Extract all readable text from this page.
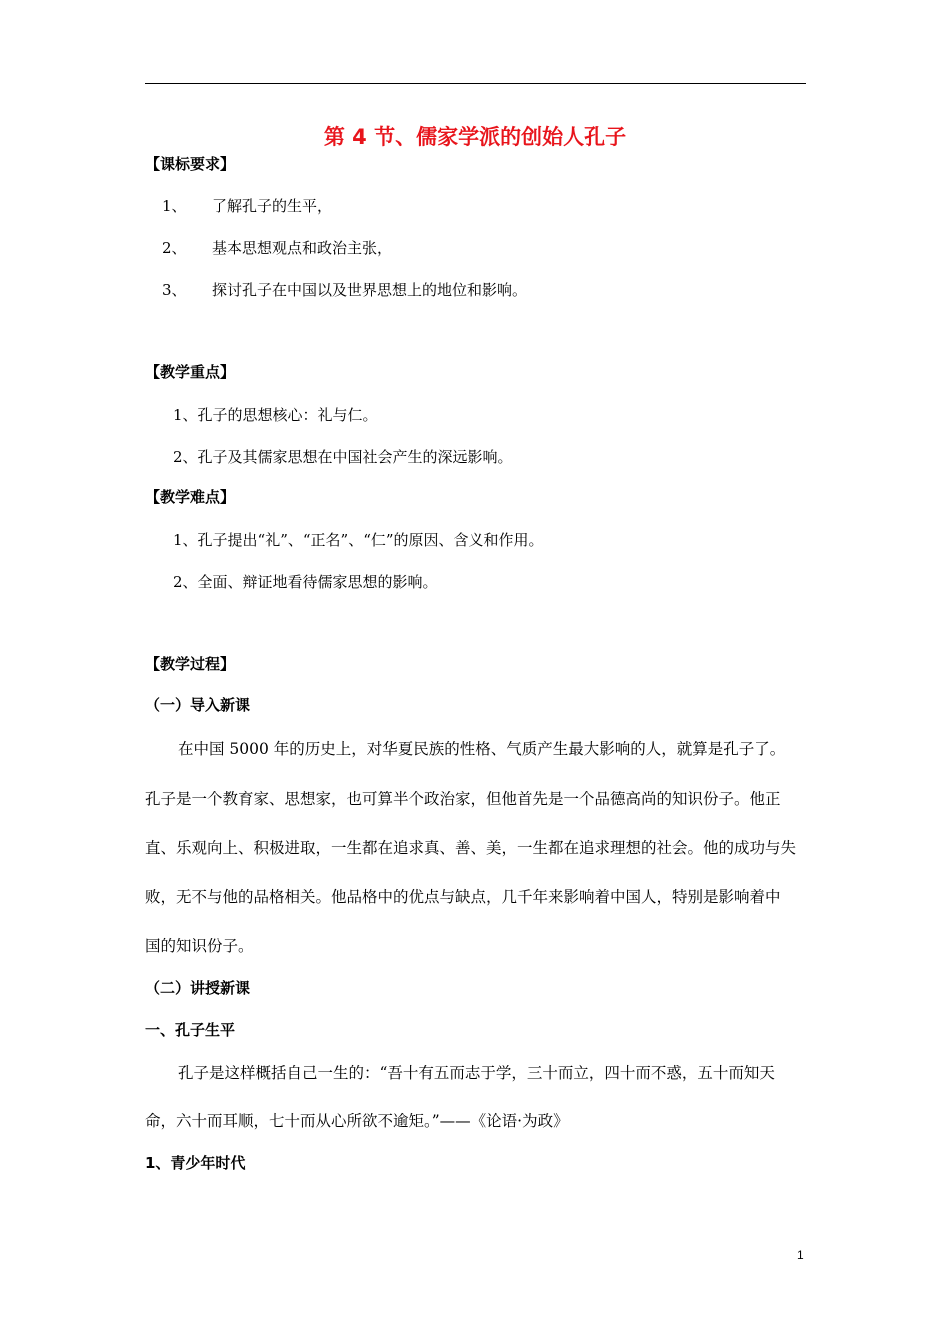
第 4 节、儒家学派的创始人孔子
【课标要求】
1、 了解孔子的生平，
2、 基本思想观点和政治主张，
3、 探讨孔子在中国以及世界思想上的地位和影响。
【教学重点】
1、孔子的思想核心：礼与仁。
2、孔子及其儒家思想在中国社会产生的深远影响。
【教学难点】
1、孔子提出“礼”、“正名”、“仁”的原因、含义和作用。
2、全面、辩证地看待儒家思想的影响。
【教学过程】
（一）导入新课
在中国 5000 年的历史上，对华夏民族的性格、气质产生最大影响的人，就算是孔子了。
孔子是一个教育家、思想家，也可算半个政治家，但他首先是一个品德高尚的知识份子。他正
直、乐观向上、积极进取，一生都在追求真、善、美，一生都在追求理想的社会。他的成功与失
败，无不与他的品格相关。他品格中的优点与缺点，几千年来影响着中国人，特别是影响着中
国的知识份子。
（二）讲授新课
一、孔子生平
孔子是这样概括自己一生的：“吾十有五而志于学，三十而立，四十而不惑，五十而知天
命，六十而耳顺，七十而从心所欲不逾矩。”——《论语·为政》
1、青少年时代
1
